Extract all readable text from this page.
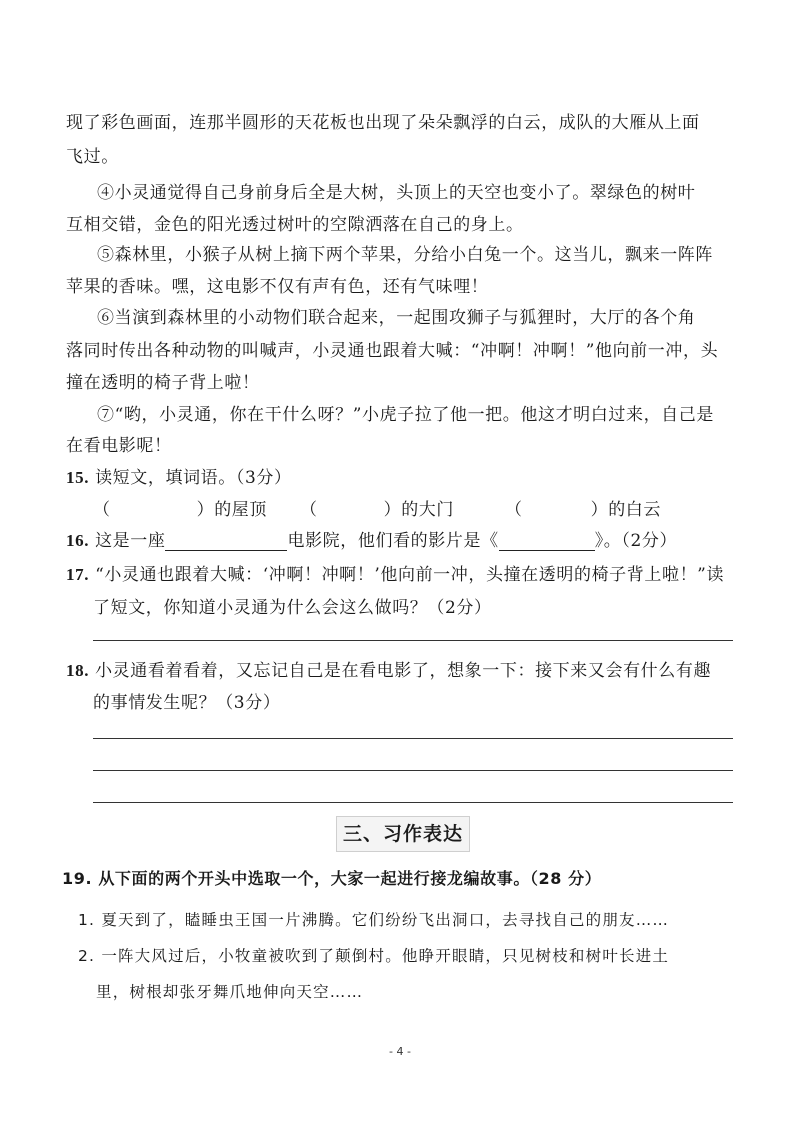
现了彩色画面，连那半圆形的天花板也出现了朵朵飘浮的白云，成队的大雁从上面
飞过。
④小灵通觉得自己身前身后全是大树，头顶上的天空也变小了。翠绿色的树叶
互相交错，金色的阳光透过树叶的空隙洒落在自己的身上。
⑤森林里，小猴子从树上摘下两个苹果，分给小白兔一个。这当儿，飘来一阵阵
苹果的香味。嘿，这电影不仅有声有色，还有气味哩！
⑥当演到森林里的小动物们联合起来，一起围攻狮子与狐狸时，大厅的各个角
落同时传出各种动物的叫喊声，小灵通也跟着大喊：“冲啊！冲啊！”他向前一冲，头
撞在透明的椅子背上啦！
⑦“哟，小灵通，你在干什么呀？”小虎子拉了他一把。他这才明白过来，自己是
在看电影呢！
15. 读短文，填词语。（3分）
（	）的屋顶 （	）的大门	（	）的白云
16. 这是一座	电影院，他们看的影片是《	》。（2分）
17. “小灵通也跟着大喊：‘冲啊！冲啊！’他向前一冲，头撞在透明的椅子背上啦！”读
了短文，你知道小灵通为什么会这么做吗？（2分）
18. 小灵通看着看着，又忘记自己是在看电影了，想象一下：接下来又会有什么有趣
的事情发生呢？（3分）
三、习作表达
19. 从下面的两个开头中选取一个，大家一起进行接龙编故事。（28 分）
1. 夏天到了，瞌睡虫王国一片沸腾。它们纷纷飞出洞口，去寻找自己的朋友……
2. 一阵大风过后，小牧童被吹到了颠倒村。他睁开眼睛，只见树枝和树叶长进土
里，树根却张牙舞爪地伸向天空……
- 4 -
